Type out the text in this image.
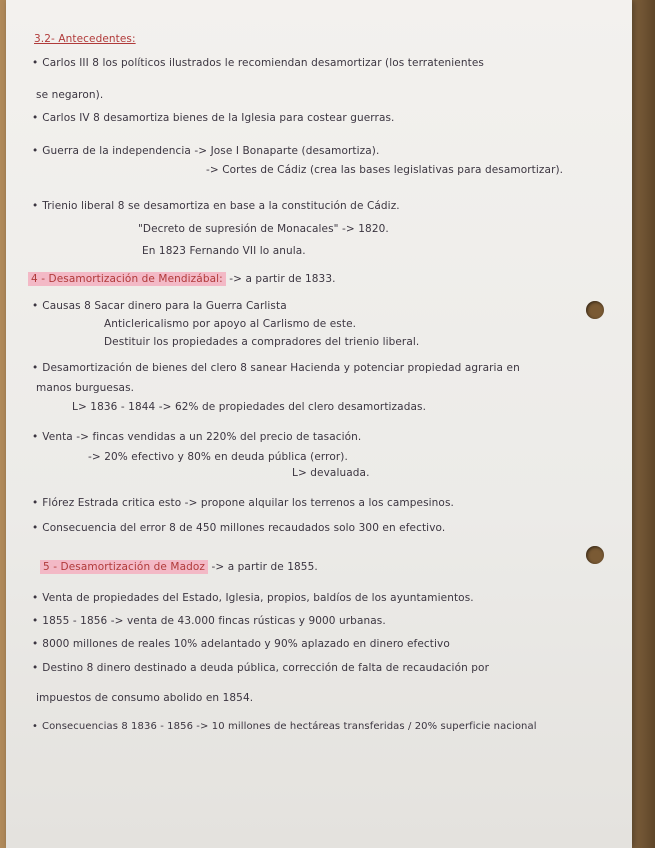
3.2- Antecedentes:
• Carlos III 8 los políticos ilustrados le recomiendan desamortizar (los terratenientes
se negaron).
• Carlos IV 8 desamortiza bienes de la Iglesia para costear guerras.
• Guerra de la independencia -> Jose I Bonaparte (desamortiza).
-> Cortes de Cádiz (crea las bases legislativas para desamortizar).
• Trienio liberal 8 se desamortiza en base a la constitución de Cádiz.
"Decreto de supresión de Monacales" -> 1820.
En 1823 Fernando VII lo anula.
4 - Desamortización de Mendizábal: -> a partir de 1833.
• Causas 8 Sacar dinero para la Guerra Carlista
Anticlericalismo por apoyo al Carlismo de este.
Destituir los propiedades a compradores del trienio liberal.
• Desamortización de bienes del clero 8 sanear Hacienda y potenciar propiedad agraria en
manos burguesas.
L> 1836 - 1844 -> 62% de propiedades del clero desamortizadas.
• Venta -> fincas vendidas a un 220% del precio de tasación.
-> 20% efectivo y 80% en deuda pública (error).
L> devaluada.
• Flórez Estrada critica esto -> propone alquilar los terrenos a los campesinos.
• Consecuencia del error 8 de 450 millones recaudados solo 300 en efectivo.
5 - Desamortización de Madoz -> a partir de 1855.
• Venta de propiedades del Estado, Iglesia, propios, baldíos de los ayuntamientos.
• 1855 - 1856 -> venta de 43.000 fincas rústicas y 9000 urbanas.
• 8000 millones de reales 10% adelantado y 90% aplazado en dinero efectivo
• Destino 8 dinero destinado a deuda pública, corrección de falta de recaudación por
impuestos de consumo abolido en 1854.
• Consecuencias 8 1836 - 1856 -> 10 millones de hectáreas transferidas / 20% superficie nacional
